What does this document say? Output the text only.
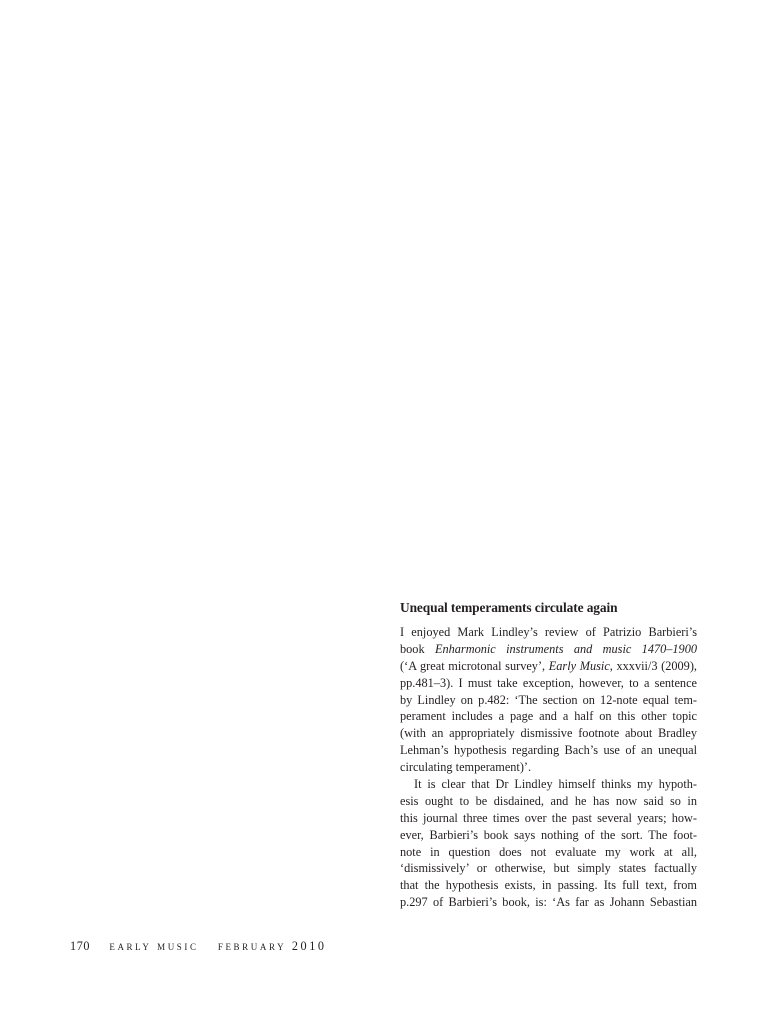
Unequal temperaments circulate again

I enjoyed Mark Lindley’s review of Patrizio Barbieri’s
book Enharmonic instruments and music 1470–1900
(‘A great microtonal survey’, Early Music, xxxvii/3 (2009),
pp.481–3). I must take exception, however, to a sentence
by Lindley on p.482: ‘The section on 12-note equal tem-
perament includes a page and a half on this other topic
(with an appropriately dismissive footnote about Bradley
Lehman’s hypothesis regarding Bach’s use of an unequal
circulating temperament)’.

It is clear that Dr Lindley himself thinks my hypoth-
esis ought to be disdained, and he has now said so in
this journal three times over the past several years; how-
ever, Barbieri’s book says nothing of the sort. The foot-
note in question does not evaluate my work at all,
‘dismissively’ or otherwise, but simply states factually
that the hypothesis exists, in passing. Its full text, from
p.297 of Barbieri’s book, is: ‘As far as Johann Sebastian

170 early music february 2010
